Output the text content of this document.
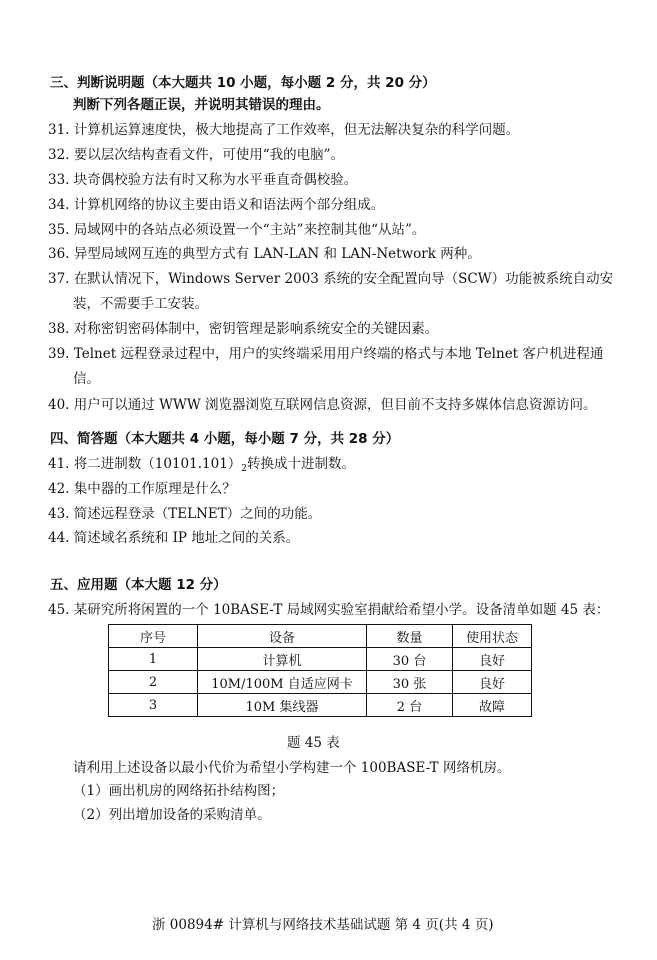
三、判断说明题（本大题共 10 小题，每小题 2 分，共 20 分）
判断下列各题正误，并说明其错误的理由。
31. 计算机运算速度快，极大地提高了工作效率，但无法解决复杂的科学问题。
32. 要以层次结构查看文件，可使用“我的电脑”。
33. 块奇偶校验方法有时又称为水平垂直奇偶校验。
34. 计算机网络的协议主要由语义和语法两个部分组成。
35. 局域网中的各站点必须设置一个“主站”来控制其他“从站”。
36. 异型局域网互连的典型方式有 LAN-LAN 和 LAN-Network 两种。
37. 在默认情况下，Windows Server 2003 系统的安全配置向导（SCW）功能被系统自动安
装，不需要手工安装。
38. 对称密钥密码体制中，密钥管理是影响系统安全的关键因素。
39. Telnet 远程登录过程中，用户的实终端采用用户终端的格式与本地 Telnet 客户机进程通
信。
40. 用户可以通过 WWW 浏览器浏览互联网信息资源，但目前不支持多媒体信息资源访问。
四、简答题（本大题共 4 小题，每小题 7 分，共 28 分）
41. 将二进制数$(10101.101)_2$转换成十进制数。
42. 集中器的工作原理是什么？
43. 简述远程登录（TELNET）之间的功能。
44. 简述域名系统和 IP 地址之间的关系。
五、应用题（本大题 12 分）
45. 某研究所将闲置的一个 10BASE-T 局域网实验室捐献给希望小学。设备清单如题 45 表：
序号	设备	数量	使用状态
1	计算机	30 台	良好
2	10M/100M 自适应网卡	30 张	良好
3	10M 集线器	2 台	故障
题 45 表
请利用上述设备以最小代价为希望小学构建一个 100BASE-T 网络机房。
（1）画出机房的网络拓扑结构图；
（2）列出增加设备的采购清单。
浙 00894# 计算机与网络技术基础试题 第 4 页(共 4 页)
